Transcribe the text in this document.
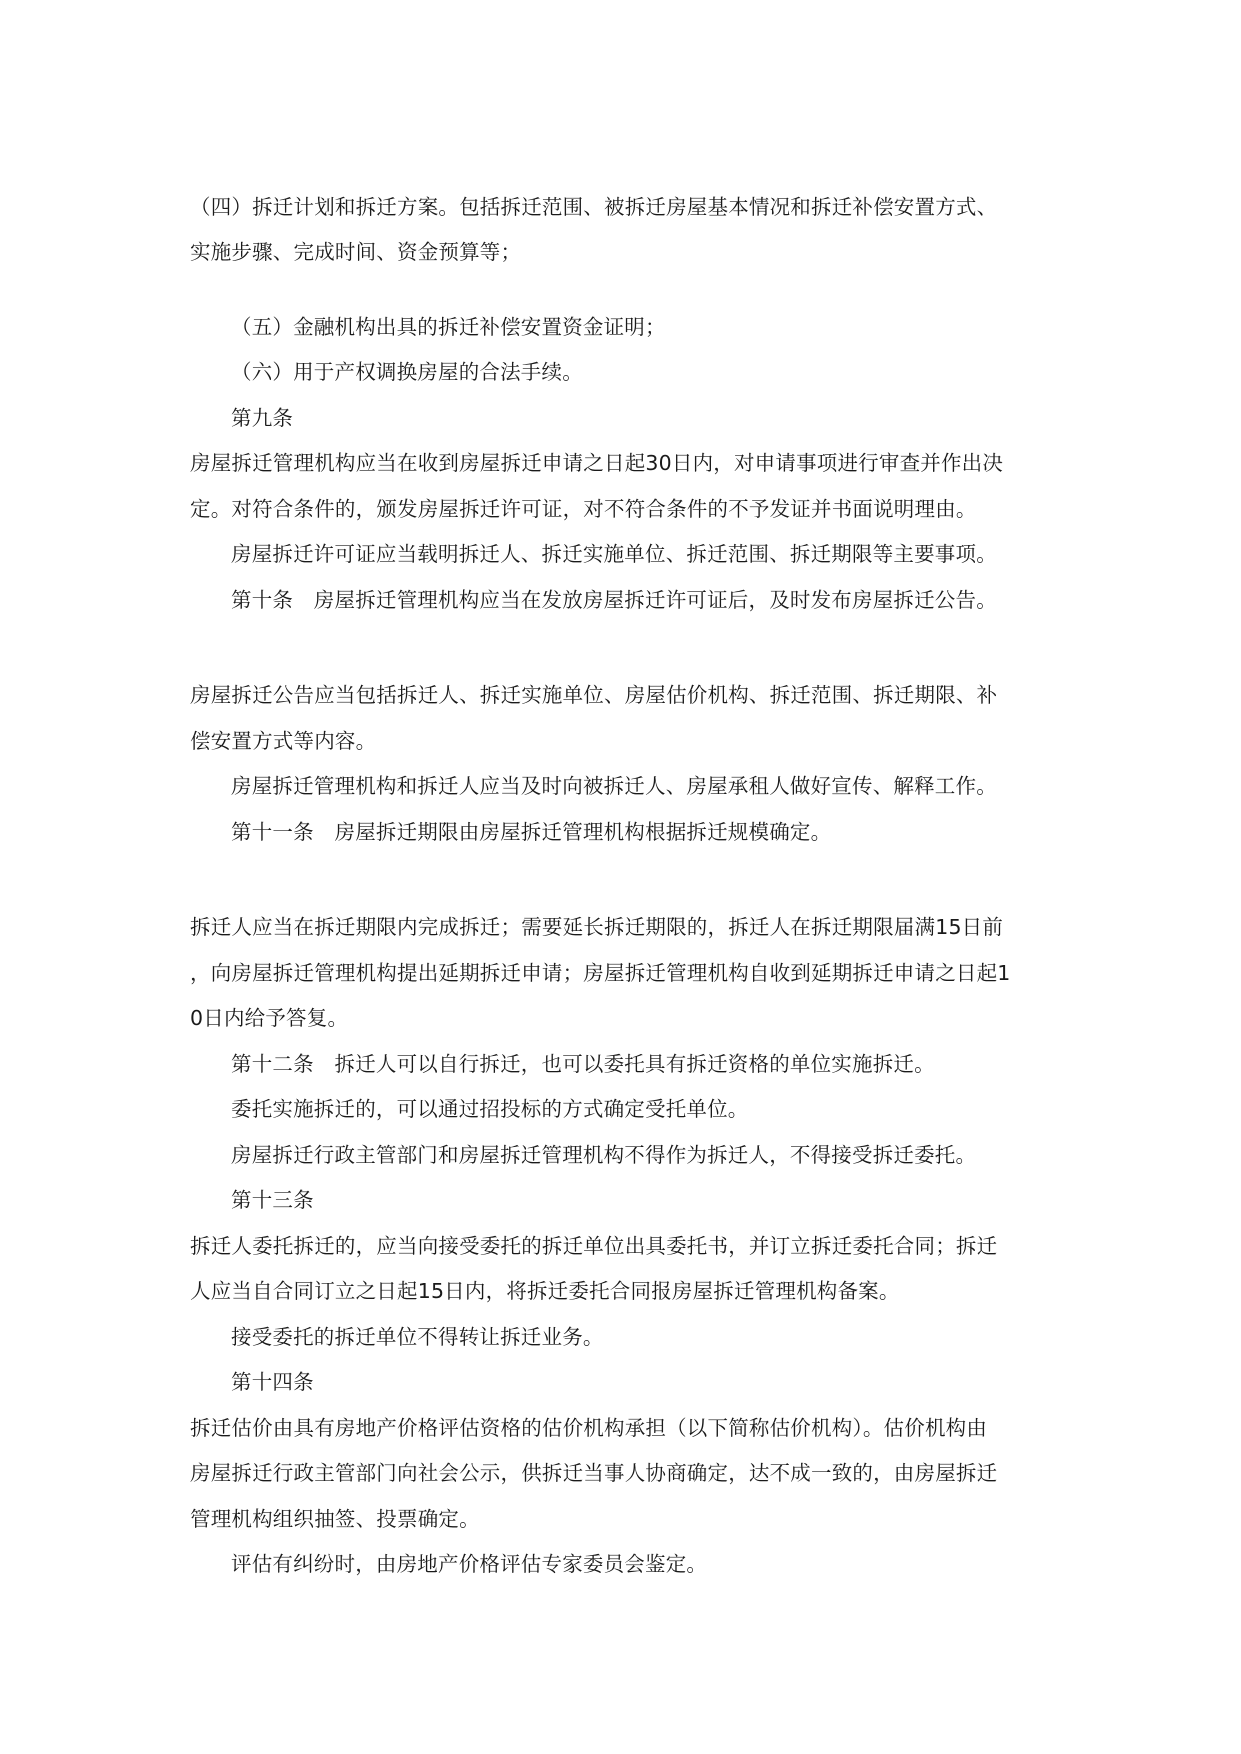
（四）拆迁计划和拆迁方案。包括拆迁范围、被拆迁房屋基本情况和拆迁补偿安置方式、
实施步骤、完成时间、资金预算等；
（五）金融机构出具的拆迁补偿安置资金证明；
（六）用于产权调换房屋的合法手续。
第九条
房屋拆迁管理机构应当在收到房屋拆迁申请之日起30日内，对申请事项进行审查并作出决
定。对符合条件的，颁发房屋拆迁许可证，对不符合条件的不予发证并书面说明理由。
房屋拆迁许可证应当载明拆迁人、拆迁实施单位、拆迁范围、拆迁期限等主要事项。
第十条　房屋拆迁管理机构应当在发放房屋拆迁许可证后，及时发布房屋拆迁公告。
房屋拆迁公告应当包括拆迁人、拆迁实施单位、房屋估价机构、拆迁范围、拆迁期限、补
偿安置方式等内容。
房屋拆迁管理机构和拆迁人应当及时向被拆迁人、房屋承租人做好宣传、解释工作。
第十一条　房屋拆迁期限由房屋拆迁管理机构根据拆迁规模确定。
拆迁人应当在拆迁期限内完成拆迁；需要延长拆迁期限的，拆迁人在拆迁期限届满15日前
，向房屋拆迁管理机构提出延期拆迁申请；房屋拆迁管理机构自收到延期拆迁申请之日起1
0日内给予答复。
第十二条　拆迁人可以自行拆迁，也可以委托具有拆迁资格的单位实施拆迁。
委托实施拆迁的，可以通过招投标的方式确定受托单位。
房屋拆迁行政主管部门和房屋拆迁管理机构不得作为拆迁人，不得接受拆迁委托。
第十三条
拆迁人委托拆迁的，应当向接受委托的拆迁单位出具委托书，并订立拆迁委托合同；拆迁
人应当自合同订立之日起15日内，将拆迁委托合同报房屋拆迁管理机构备案。
接受委托的拆迁单位不得转让拆迁业务。
第十四条
拆迁估价由具有房地产价格评估资格的估价机构承担（以下简称估价机构）。估价机构由
房屋拆迁行政主管部门向社会公示，供拆迁当事人协商确定，达不成一致的，由房屋拆迁
管理机构组织抽签、投票确定。
评估有纠纷时，由房地产价格评估专家委员会鉴定。
